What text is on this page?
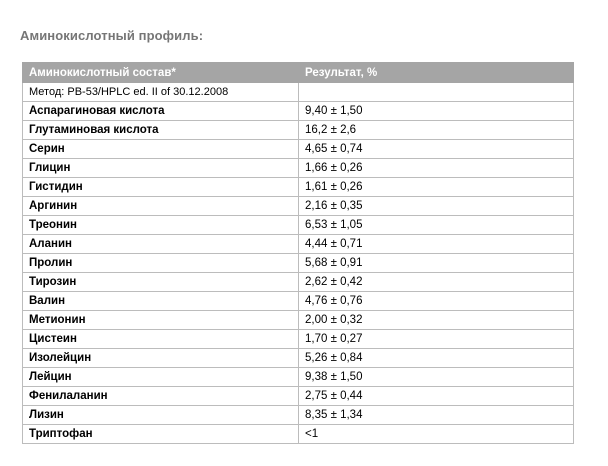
Аминокислотный профиль:
Аминокислотный состав*	Результат, %
Метод: РВ-53/HPLC ed. II of 30.12.2008	
Аспарагиновая кислота	9,40 ± 1,50
Глутаминовая кислота	16,2 ± 2,6
Серин	4,65 ± 0,74
Глицин	1,66 ± 0,26
Гистидин	1,61 ± 0,26
Аргинин	2,16 ± 0,35
Треонин	6,53 ± 1,05
Аланин	4,44 ± 0,71
Пролин	5,68 ± 0,91
Тирозин	2,62 ± 0,42
Валин	4,76 ± 0,76
Метионин	2,00 ± 0,32
Цистеин	1,70 ± 0,27
Изолейцин	5,26 ± 0,84
Лейцин	9,38 ± 1,50
Фенилаланин	2,75 ± 0,44
Лизин	8,35 ± 1,34
Триптофан	<1
